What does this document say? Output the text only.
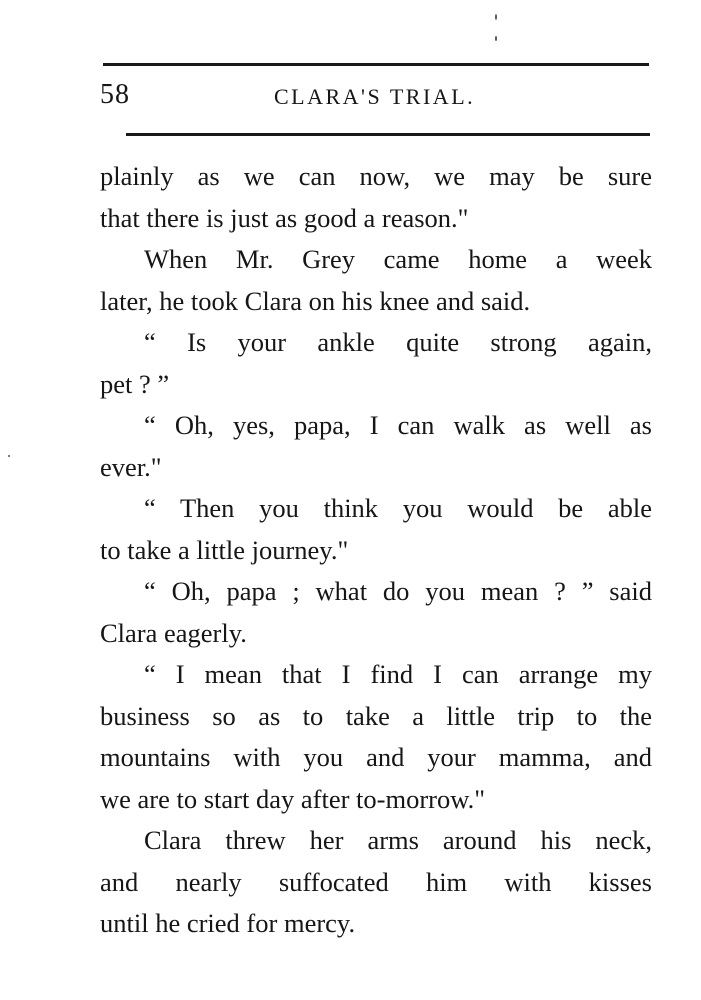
58	CLARA'S TRIAL.
plainly as we can now, we may be sure
that there is just as good a reason."
When Mr. Grey came home a week
later, he took Clara on his knee and said.
“ Is your ankle quite strong again,
pet ? ”
“ Oh, yes, papa, I can walk as well as
ever."
“ Then you think you would be able
to take a little journey."
“ Oh, papa ; what do you mean ? ” said
Clara eagerly.
“ I mean that I find I can arrange my
business so as to take a little trip to the
mountains with you and your mamma, and
we are to start day after to-morrow."
Clara threw her arms around his neck,
and nearly suffocated him with kisses
until he cried for mercy.
